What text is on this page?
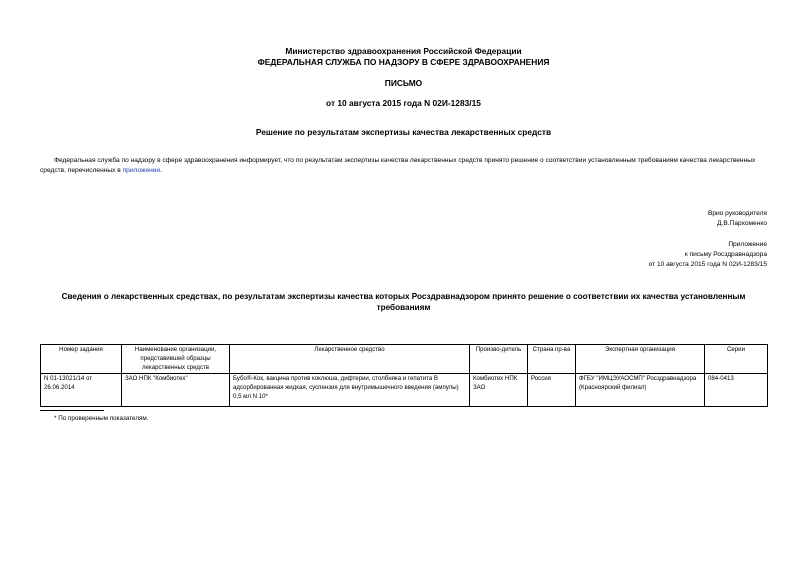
Министерство здравоохранения Российской Федерации
ФЕДЕРАЛЬНАЯ СЛУЖБА ПО НАДЗОРУ В СФЕРЕ ЗДРАВООХРАНЕНИЯ
ПИСЬМО
от 10 августа 2015 года N 02И-1283/15
Решение по результатам экспертизы качества лекарственных средств
Федеральная служба по надзору в сфере здравоохранения информирует, что по результатам экспертизы качества лекарственных средств принято решение о соответствии установленным требованиям качества лекарственных средств, перечисленных в приложении.
Врио руководителя
Д.В.Пархоменко
Приложение
к письму Росздравнадзора
от 10 августа 2015 года N 02И-1283/15
Сведения о лекарственных средствах, по результатам экспертизы качества которых Росздравнадзором принято решение о соответствии их качества установленным требованиям
Номер задания	Наименование организации, представившей образцы лекарственных средств	Лекарственное средство	Произво-дитель	Страна пр-ва	Экспертная организация	Серии
N 01-13021/14 от 26.06.2014	ЗАО НПК "Комбиотех"	Бубо®-Кок, вакцина против коклюша, дифтерии, столбняка и гепатита В адсорбированная жидкая, суспензия для внутримышечного введения (ампулы) 0,5 мл N 10*	Комбиотех НПК ЗАО	Россия	ФГБУ "ИМЦЭУАОСМП" Росздравнадзора (Красноярский филиал)	084-0413
* По проверенным показателям.
